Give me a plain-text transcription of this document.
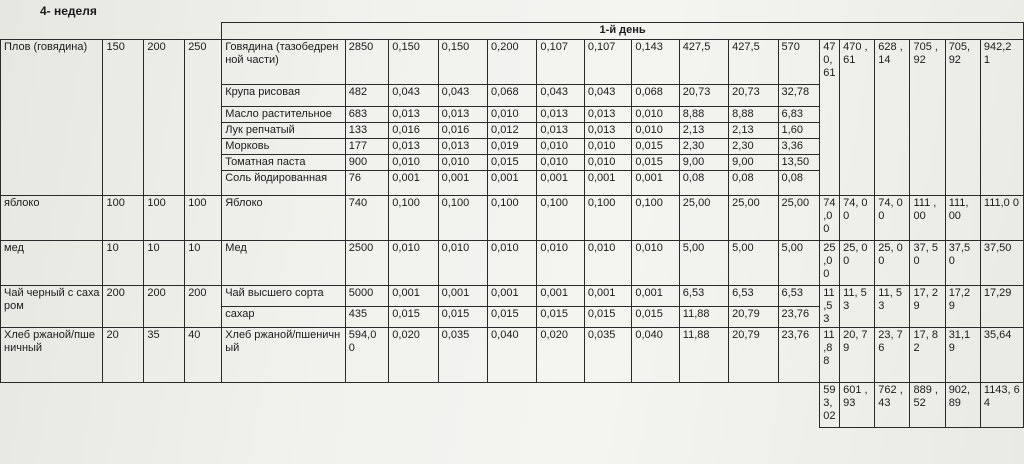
4- неделя
				1-й день																
Плов (говядина)	150	200	250	Говядина (тазобедренной части)	2850	0,150	0,150	0,200	0,107	0,107	0,143	427,5	427,5	570	47 0, 61	470 ,61	628 ,14	705 ,92	705, 92	942,2 1
				Крупа рисовая	482	0,043	0,043	0,068	0,043	0,043	0,068	20,73	20,73	32,78						
				Масло растительное	683	0,013	0,013	0,010	0,013	0,013	0,010	8,88	8,88	6,83						
				Лук репчатый	133	0,016	0,016	0,012	0,013	0,013	0,010	2,13	2,13	1,60						
				Морковь	177	0,013	0,013	0,019	0,010	0,010	0,015	2,30	2,30	3,36						
				Томатная паста	900	0,010	0,010	0,015	0,010	0,010	0,015	9,00	9,00	13,50						
				Соль йодированная	76	0,001	0,001	0,001	0,001	0,001	0,001	0,08	0,08	0,08						
яблоко	100	100	100	Яблоко	740	0,100	0,100	0,100	0,100	0,100	0,100	25,00	25,00	25,00	74 ,0 0	74, 00	74, 00	111 ,00	111, 00	111,0 0
мед	10	10	10	Мед	2500	0,010	0,010	0,010	0,010	0,010	0,010	5,00	5,00	5,00	25 ,0 0	25, 00	25, 00	37, 50	37,5 0	37,50
Чай черный с сахаром	200	200	200	Чай высшего сорта	5000	0,001	0,001	0,001	0,001	0,001	0,001	6,53	6,53	6,53	11 ,5 3	11, 53	11, 53	17, 29	17,2 9	17,29
				сахар	435	0,015	0,015	0,015	0,015	0,015	0,015	11,88	20,79	23,76						
Хлеб ржаной/пшеничный	20	35	40	Хлеб ржаной/пшеничный	594,0 0	0,020	0,035	0,040	0,020	0,035	0,040	11,88	20,79	23,76	11 ,8 8	20, 79	23, 76	17, 82	31,1 9	35,64
															59 3, 02	601 ,93	762 ,43	889 ,52	902, 89	1143, 64
